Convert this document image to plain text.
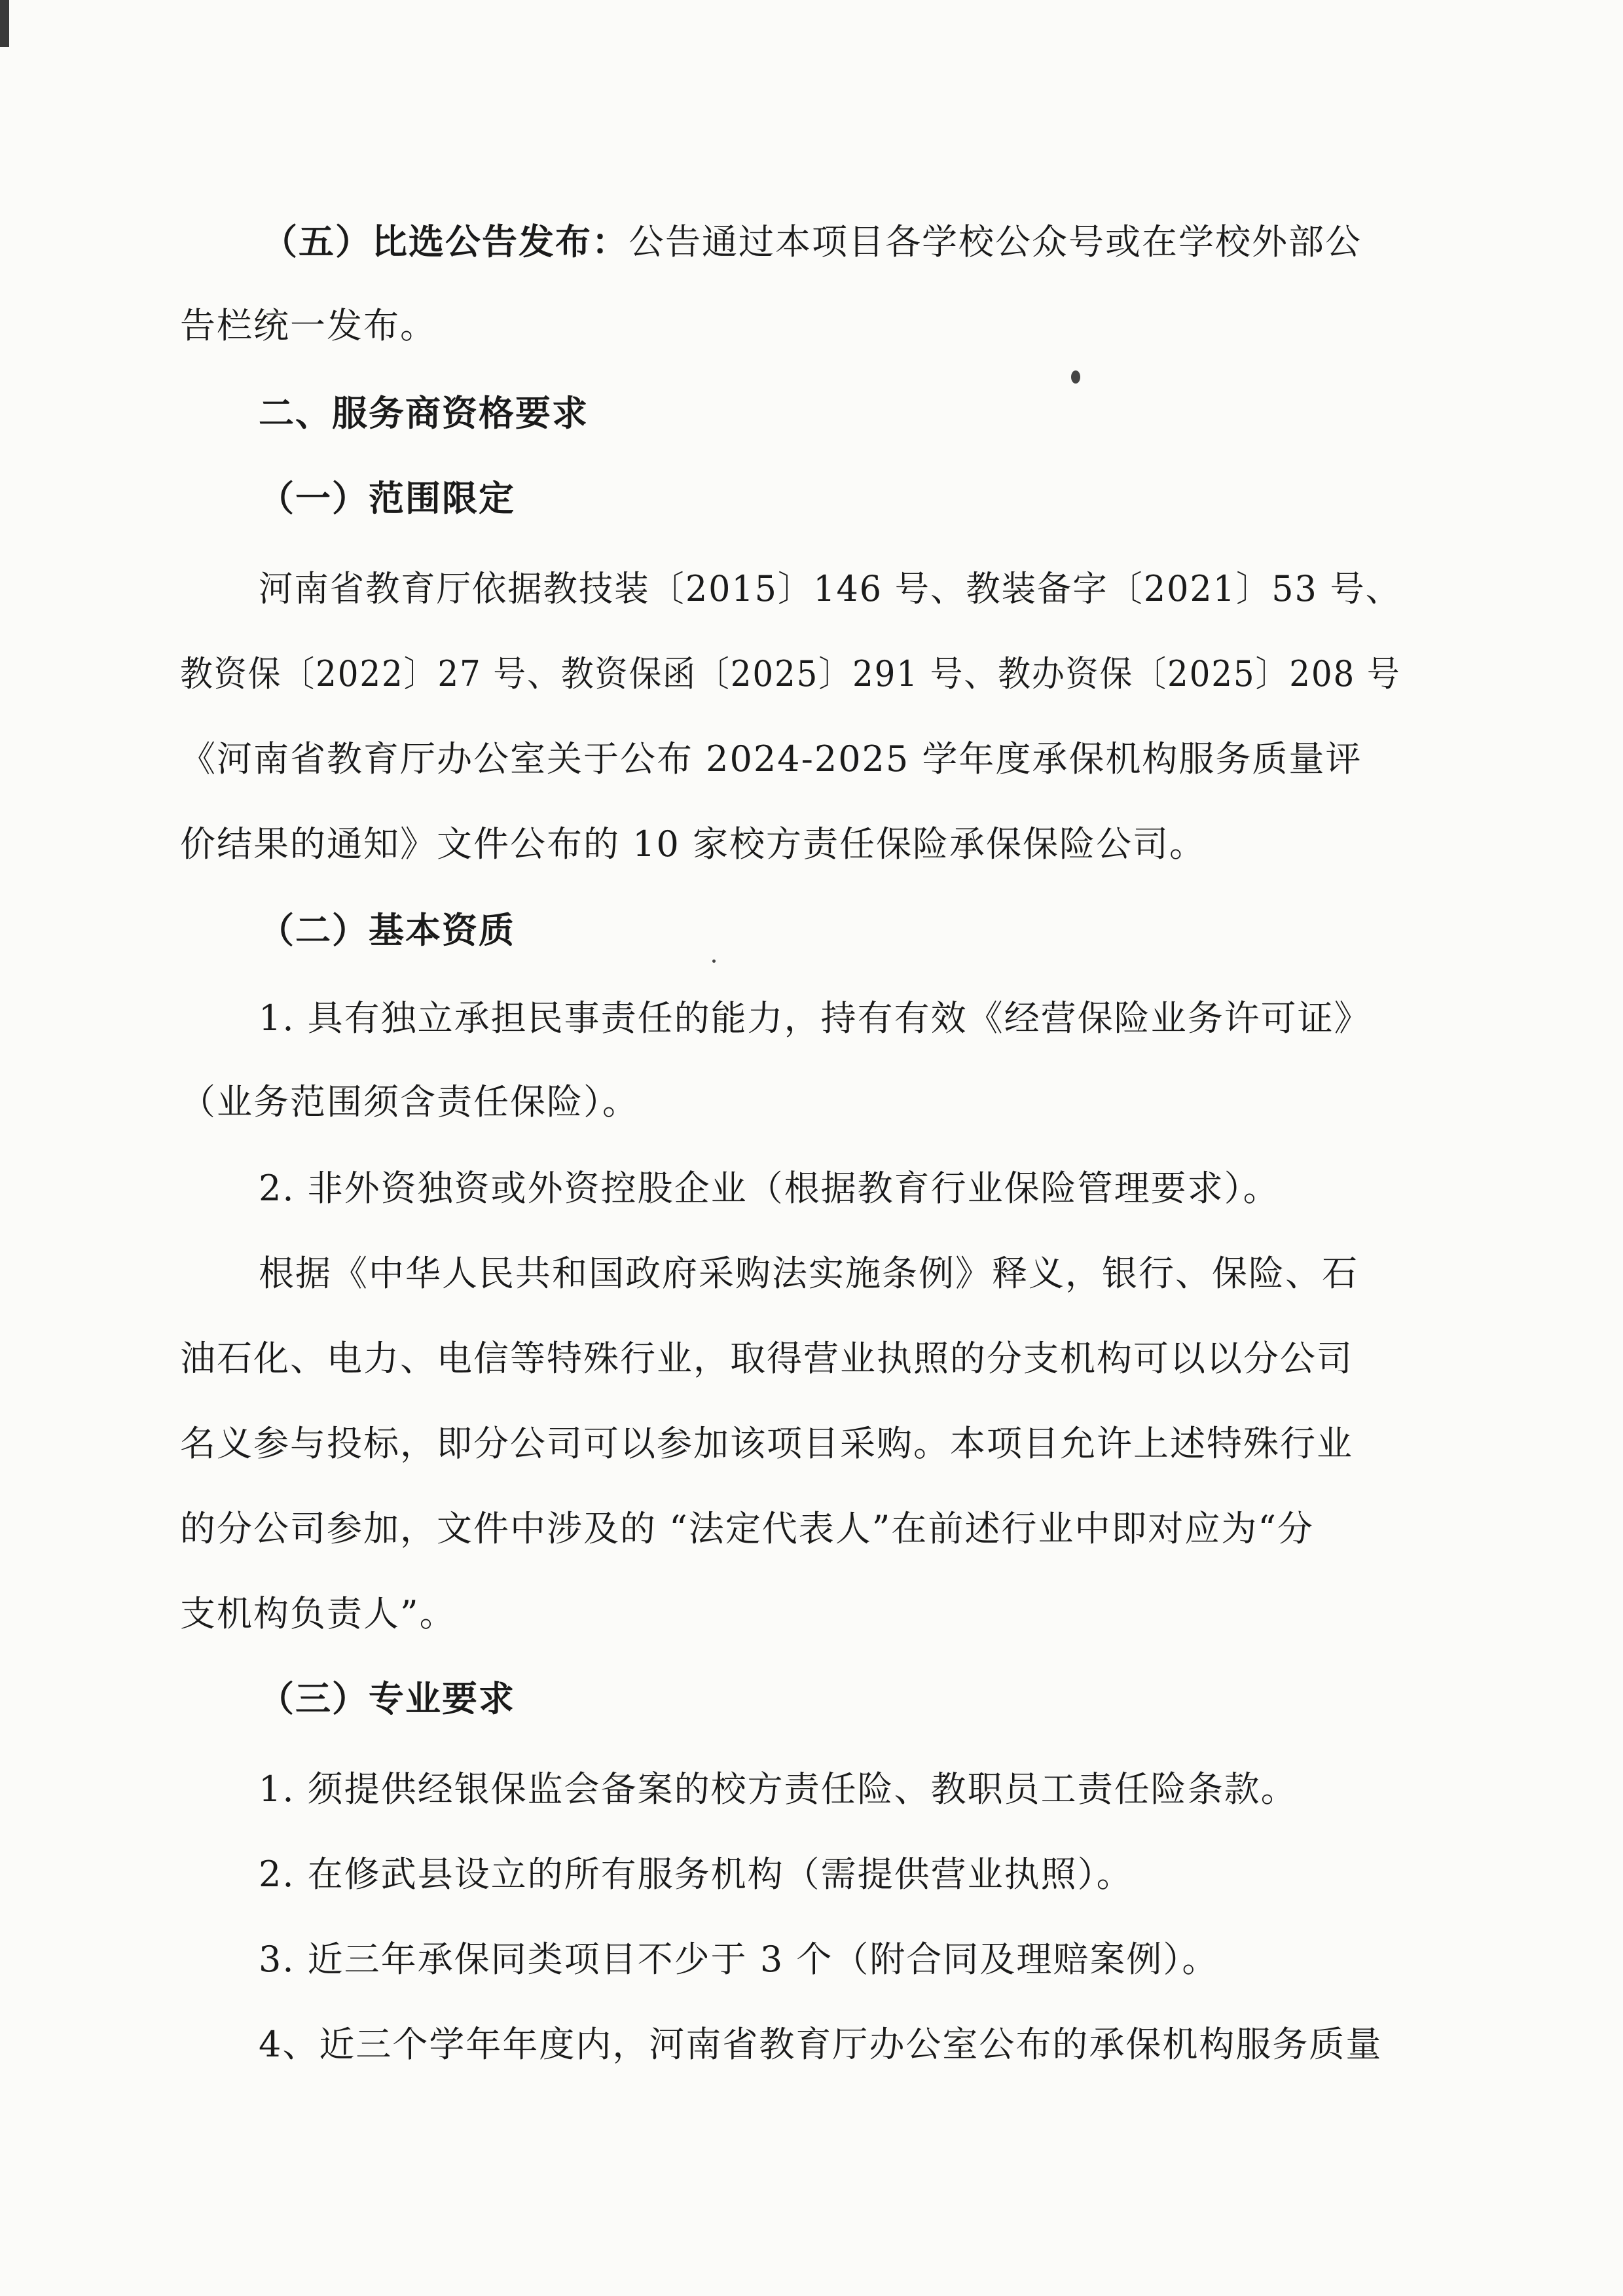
（五）比选公告发布：公告通过本项目各学校公众号或在学校外部公
告栏统一发布。
二、服务商资格要求
（一）范围限定
河南省教育厅依据教技装〔2015〕146 号、教装备字〔2021〕53 号、
教资保〔2022〕27 号、教资保函〔2025〕291 号、教办资保〔2025〕208 号
《河南省教育厅办公室关于公布 2024-2025 学年度承保机构服务质量评
价结果的通知》文件公布的 10 家校方责任保险承保保险公司。
（二）基本资质
1. 具有独立承担民事责任的能力，持有有效《经营保险业务许可证》
（业务范围须含责任保险）。
2. 非外资独资或外资控股企业（根据教育行业保险管理要求）。
根据《中华人民共和国政府采购法实施条例》释义，银行、保险、石
油石化、电力、电信等特殊行业，取得营业执照的分支机构可以以分公司
名义参与投标，即分公司可以参加该项目采购。本项目允许上述特殊行业
的分公司参加，文件中涉及的 “法定代表人”在前述行业中即对应为“分
支机构负责人”。
（三）专业要求
1. 须提供经银保监会备案的校方责任险、教职员工责任险条款。
2. 在修武县设立的所有服务机构（需提供营业执照）。
3. 近三年承保同类项目不少于 3 个（附合同及理赔案例）。
4、近三个学年年度内，河南省教育厅办公室公布的承保机构服务质量
